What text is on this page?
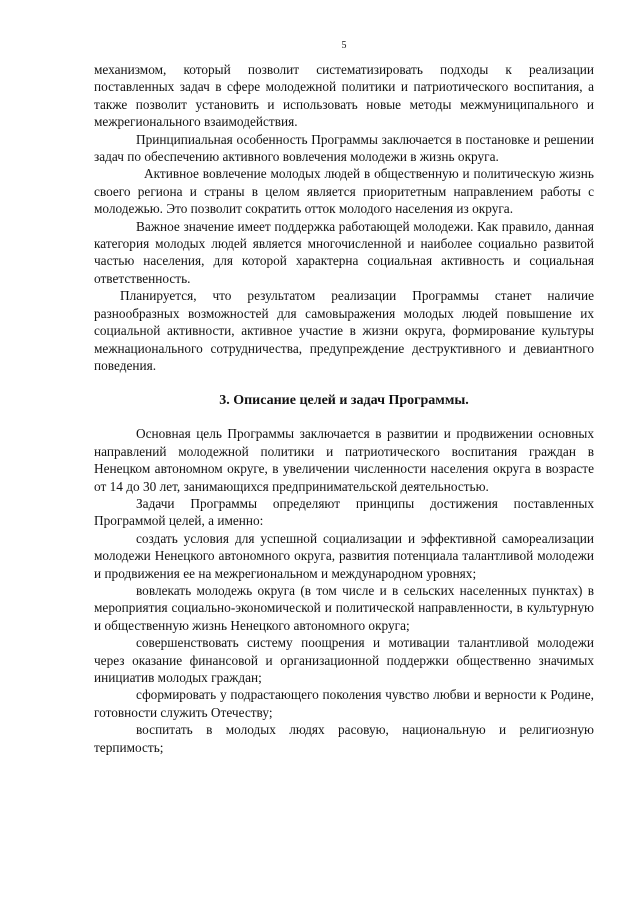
5

механизмом, который позволит систематизировать подходы к реализации поставленных задач в сфере молодежной политики и патриотического воспитания, а также позволит установить и использовать новые методы межмуниципального и межрегионального взаимодействия.

Принципиальная особенность Программы заключается в постановке и решении задач по обеспечению активного вовлечения молодежи в жизнь округа.

Активное вовлечение молодых людей в общественную и политическую жизнь своего региона и страны в целом является приоритетным направлением работы с молодежью. Это позволит сократить отток молодого населения из округа.

Важное значение имеет поддержка работающей молодежи. Как правило, данная категория молодых людей является многочисленной и наиболее социально развитой частью населения, для которой характерна социальная активность и социальная ответственность.

Планируется, что результатом реализации Программы станет наличие разнообразных возможностей для самовыражения молодых людей повышение их социальной активности, активное участие в жизни округа, формирование культуры межнационального сотрудничества, предупреждение деструктивного и девиантного поведения.

3. Описание целей и задач Программы.

Основная цель Программы заключается в развитии и продвижении основных направлений молодежной политики и патриотического воспитания граждан в Ненецком автономном округе, в увеличении численности населения округа в возрасте от 14 до 30 лет, занимающихся предпринимательской деятельностью.

Задачи Программы определяют принципы достижения поставленных Программой целей, а именно:

создать условия для успешной социализации и эффективной самореализации молодежи Ненецкого автономного округа, развития потенциала талантливой молодежи и продвижения ее на межрегиональном и международном уровнях;

вовлекать молодежь округа (в том числе и в сельских населенных пунктах) в мероприятия социально-экономической и политической направленности, в культурную и общественную жизнь Ненецкого автономного округа;

совершенствовать систему поощрения и мотивации талантливой молодежи через оказание финансовой и организационной поддержки общественно значимых инициатив молодых граждан;

сформировать у подрастающего поколения чувство любви и верности к Родине, готовности служить Отечеству;

воспитать в молодых людях расовую, национальную и религиозную терпимость;
